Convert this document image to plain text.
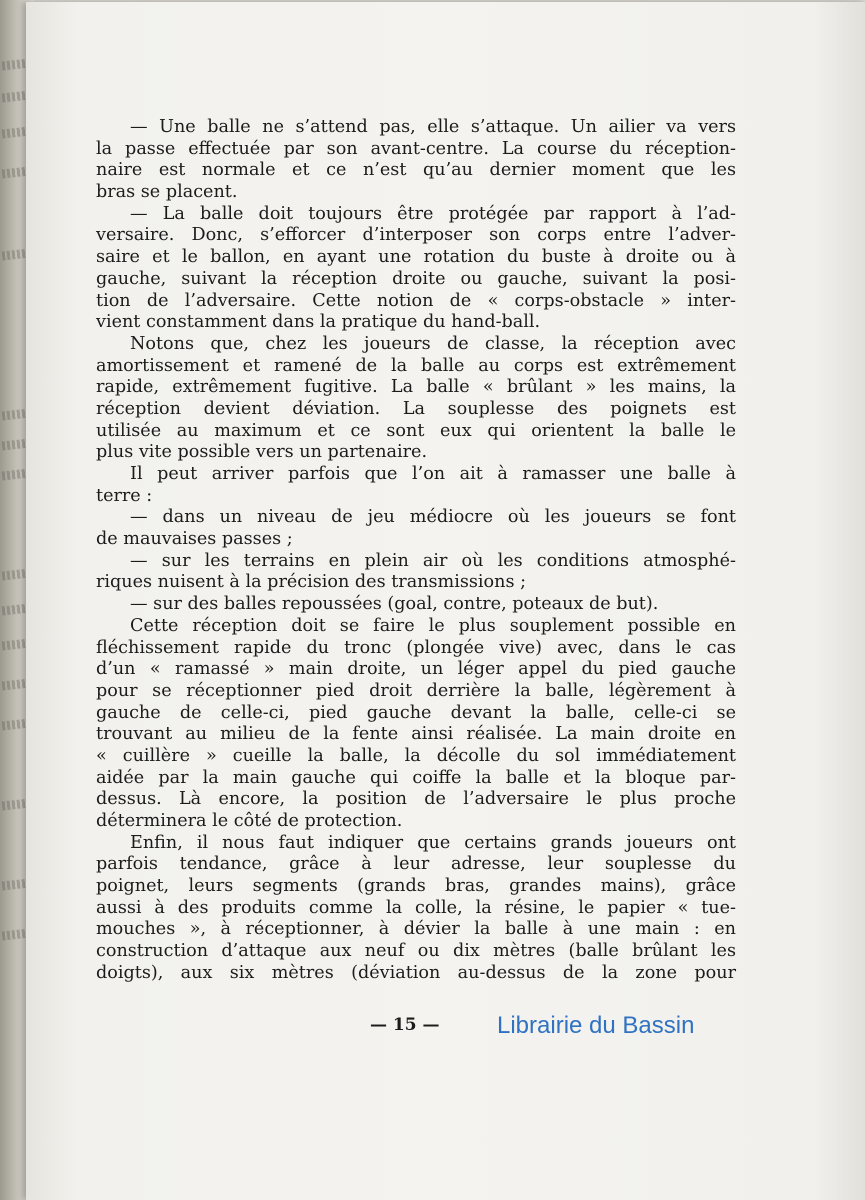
— Une balle ne s’attend pas, elle s’attaque. Un ailier va vers
la passe effectuée par son avant-centre. La course du réception-
naire est normale et ce n’est qu’au dernier moment que les
bras se placent.
— La balle doit toujours être protégée par rapport à l’ad-
versaire. Donc, s’efforcer d’interposer son corps entre l’adver-
saire et le ballon, en ayant une rotation du buste à droite ou à
gauche, suivant la réception droite ou gauche, suivant la posi-
tion de l’adversaire. Cette notion de « corps-obstacle » inter-
vient constamment dans la pratique du hand-ball.
Notons que, chez les joueurs de classe, la réception avec
amortissement et ramené de la balle au corps est extrêmement
rapide, extrêmement fugitive. La balle « brûlant » les mains, la
réception devient déviation. La souplesse des poignets est
utilisée au maximum et ce sont eux qui orientent la balle le
plus vite possible vers un partenaire.
Il peut arriver parfois que l’on ait à ramasser une balle à
terre :
— dans un niveau de jeu médiocre où les joueurs se font
de mauvaises passes ;
— sur les terrains en plein air où les conditions atmosphé-
riques nuisent à la précision des transmissions ;
— sur des balles repoussées (goal, contre, poteaux de but).
Cette réception doit se faire le plus souplement possible en
fléchissement rapide du tronc (plongée vive) avec, dans le cas
d’un « ramassé » main droite, un léger appel du pied gauche
pour se réceptionner pied droit derrière la balle, légèrement à
gauche de celle-ci, pied gauche devant la balle, celle-ci se
trouvant au milieu de la fente ainsi réalisée. La main droite en
« cuillère » cueille la balle, la décolle du sol immédiatement
aidée par la main gauche qui coiffe la balle et la bloque par-
dessus. Là encore, la position de l’adversaire le plus proche
déterminera le côté de protection.
Enfin, il nous faut indiquer que certains grands joueurs ont
parfois tendance, grâce à leur adresse, leur souplesse du
poignet, leurs segments (grands bras, grandes mains), grâce
aussi à des produits comme la colle, la résine, le papier « tue-
mouches », à réceptionner, à dévier la balle à une main : en
construction d’attaque aux neuf ou dix mètres (balle brûlant les
doigts), aux six mètres (déviation au-dessus de la zone pour
— 15 — Librairie du Bassin
